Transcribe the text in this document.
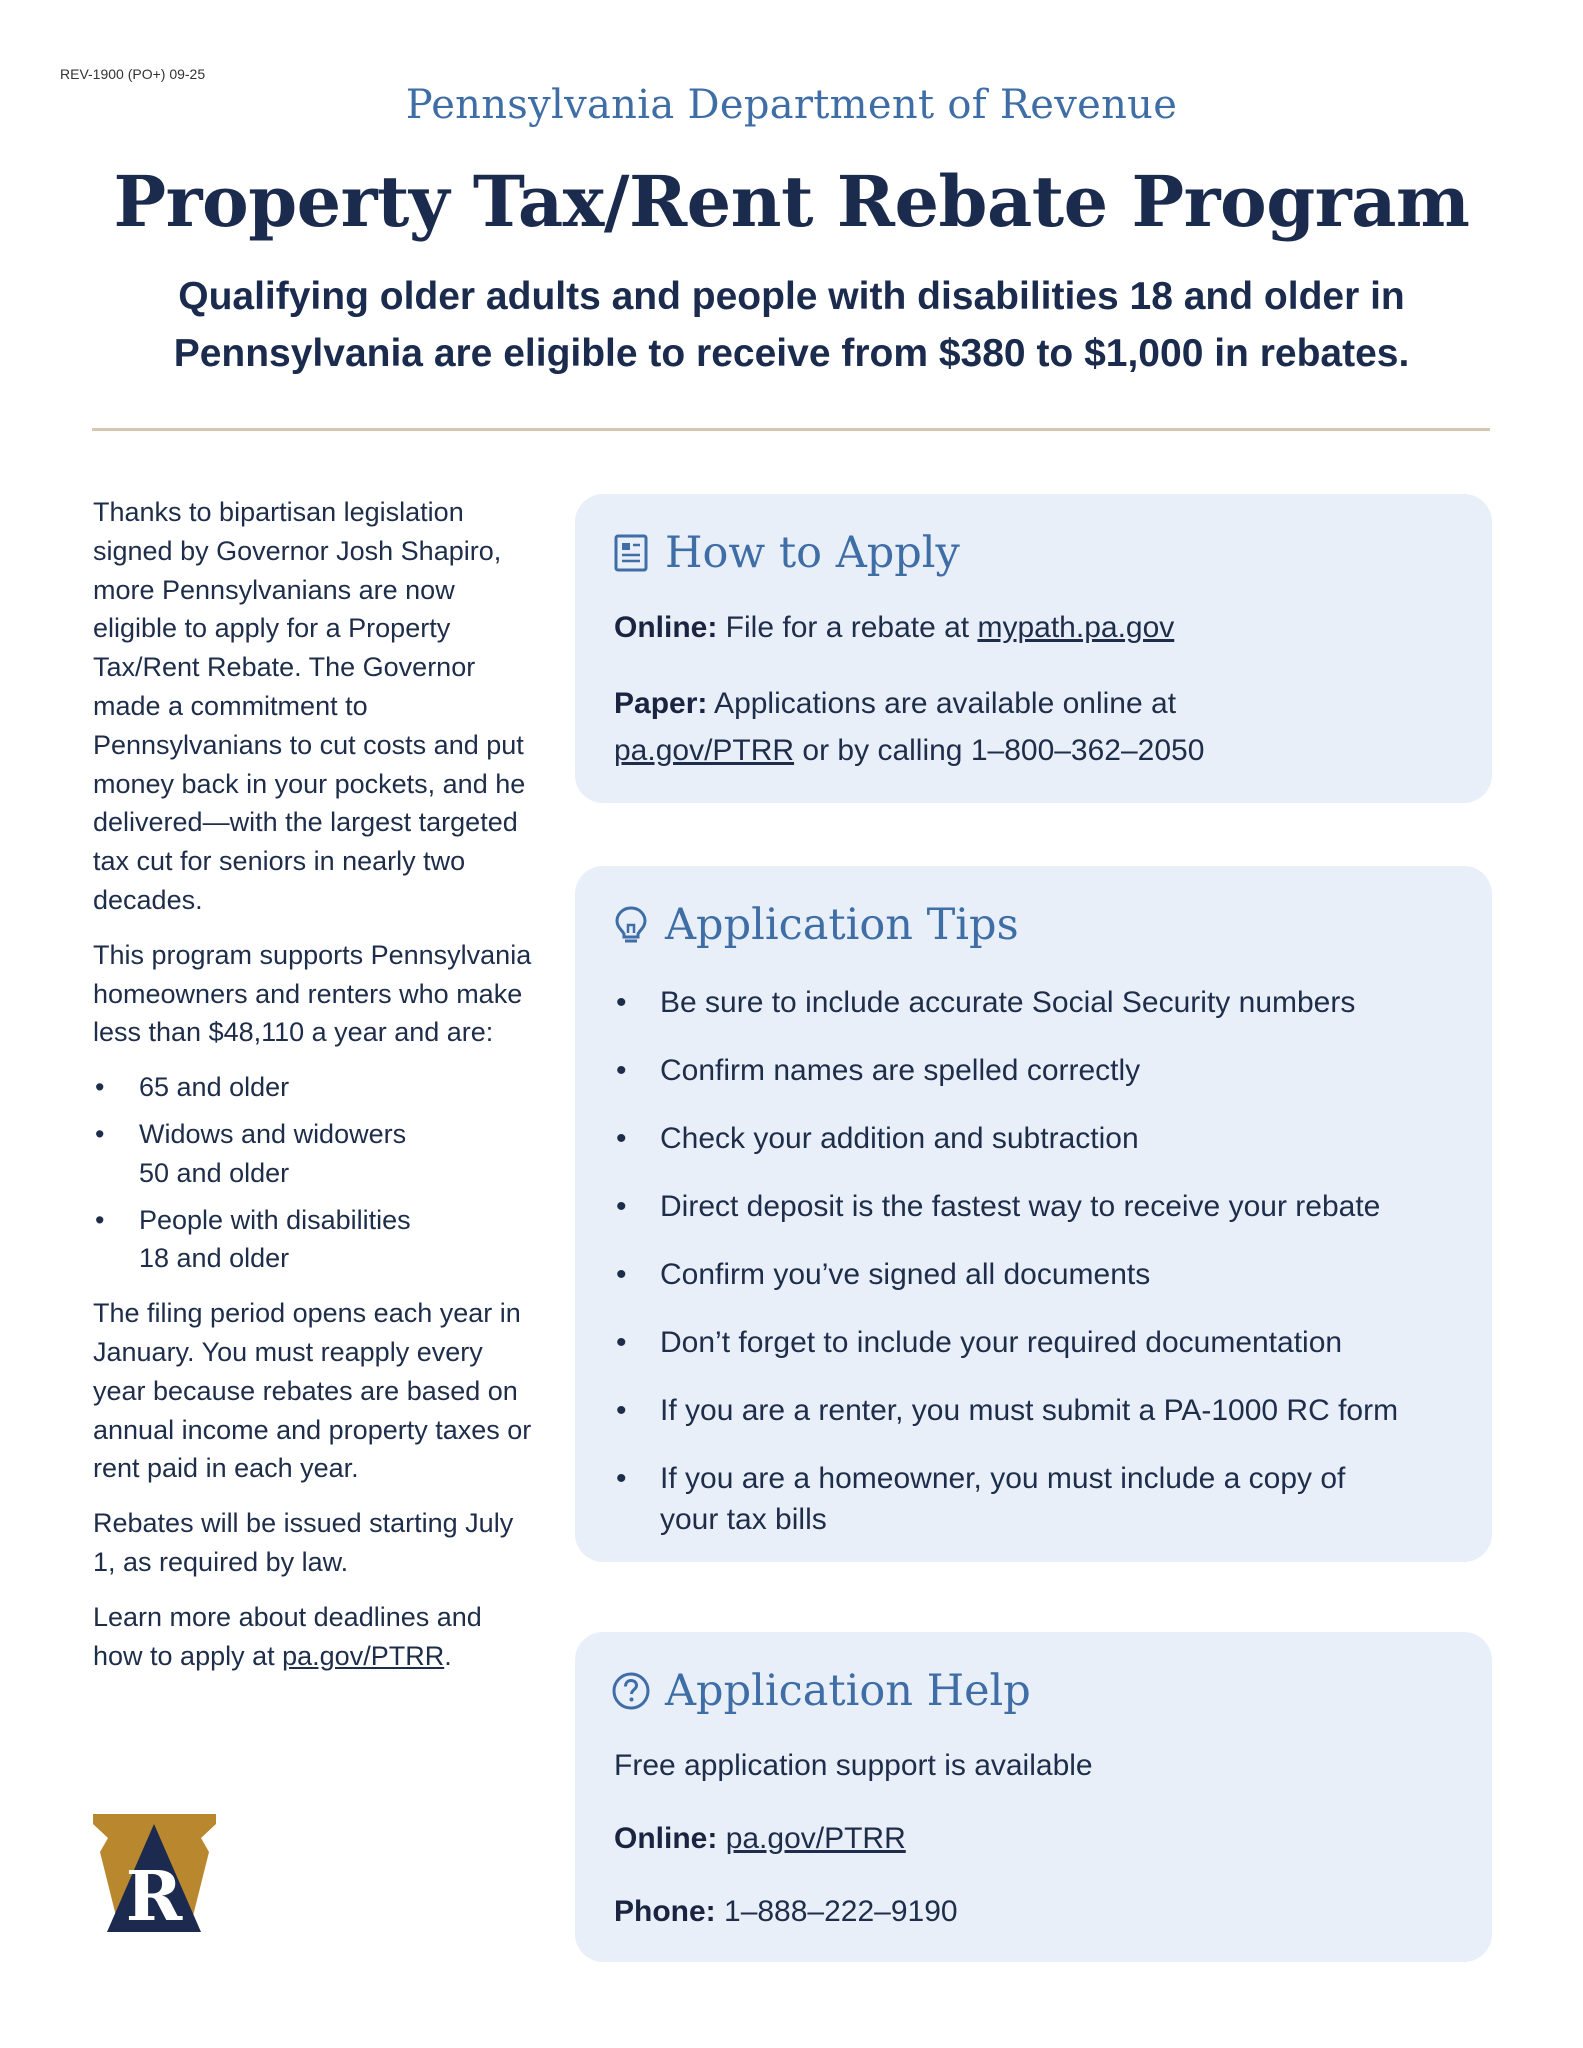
REV-1900 (PO+) 09-25
Pennsylvania Department of Revenue
Property Tax/Rent Rebate Program
Qualifying older adults and people with disabilities 18 and older in
Pennsylvania are eligible to receive from $380 to $1,000 in rebates.

Thanks to bipartisan legislation signed by Governor Josh Shapiro, more Pennsylvanians are now eligible to apply for a Property Tax/Rent Rebate. The Governor made a commitment to Pennsylvanians to cut costs and put money back in your pockets, and he delivered—with the largest targeted tax cut for seniors in nearly two decades.

This program supports Pennsylvania homeowners and renters who make less than $48,110 a year and are:

• 65 and older
• Widows and widowers 50 and older
• People with disabilities 18 and older

The filing period opens each year in January. You must reapply every year because rebates are based on annual income and property taxes or rent paid in each year.

Rebates will be issued starting July 1, as required by law.

Learn more about deadlines and how to apply at pa.gov/PTRR.

How to Apply
Online: File for a rebate at mypath.pa.gov
Paper: Applications are available online at
pa.gov/PTRR or by calling 1–800–362–2050
Application Tips
• Be sure to include accurate Social Security numbers
• Confirm names are spelled correctly
• Check your addition and subtraction
• Direct deposit is the fastest way to receive your rebate
• Confirm you’ve signed all documents
• Don’t forget to include your required documentation
• If you are a renter, you must submit a PA-1000 RC form
• If you are a homeowner, you must include a copy of your tax bills
Application Help
Free application support is available
Online: pa.gov/PTRR
Phone: 1–888–222–9190
R
